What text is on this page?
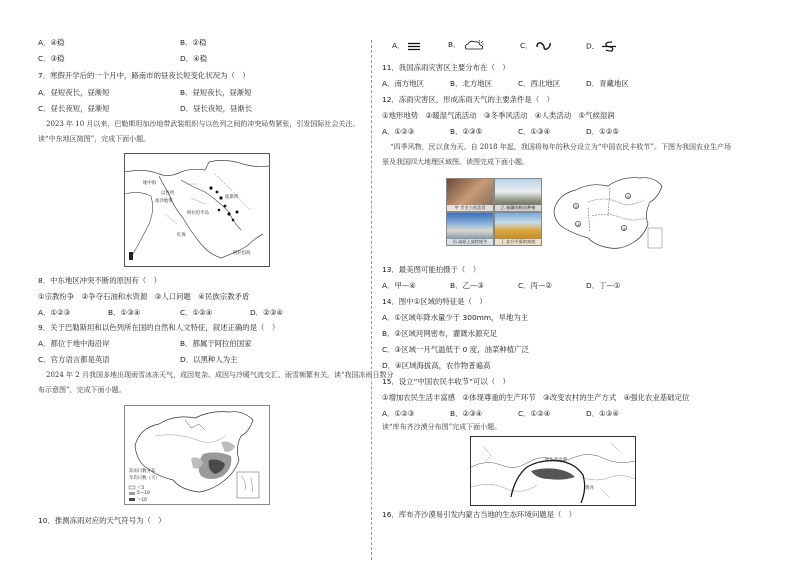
A．④稳	B．②稳
C．③稳	D．④稳
7．寒假开学后的一个月中，路南市的昼夜长短变化状况为（　）
A．昼短夜长，昼渐短	B．昼短夜长，昼渐短
C．昼长夜短，昼渐短	D．昼长夜短，昼渐长
2023 年 10 月以来，巴勒斯坦加沙地带武装组织与以色列之间的冲突局势紧张，引发国际社会关注。
读“中东地区简图”，完成下面小题。
地中海
阿拉伯半岛
波斯湾
加沙地带
以色列
红海
阿拉伯海
8．中东地区冲突不断的原因有（　）
①宗教纷争　②争夺石油和水资源　③人口问题　④民族宗教矛盾
A．①②③	B．①③④	C．①②④	D．②③④
9．关于巴勒斯坦和以色列所在国的自然和人文特征，叙述正确的是（　）
A．都位于地中海沿岸	B．都属于阿拉伯国家
C．官方语言都是英语	D．以黑种人为主
2024 年 2 月我国多地出现雨雪冰冻天气，成因复杂。成因与冷暖气流交汇、雨雪频繁有关。读“我国冻雨日数分
布示意图”，完成下面小题。
冻雨日数分布
年均日数（天）
＜5
5—10
＞10
10．推测冻雨对应的天气符号为（　）
A．	B．	C．	D．
11．我国冻雨灾害区主要分布在（　）
A．南方地区	B．北方地区	C．西北地区	D．青藏地区
12．冻雨灾害区，形成冻雨天气的主要条件是（　）
①地形地势　②暖湿气流活动　③冬季风活动　④人类活动　⑤气候湿润
A．①②③	B．②③⑤	C．①③④	D．①②⑤
“四季风物，民以食为天。自 2018 年起，我国将每年的秋分设立为“中国农民丰收节”。下图为我国农业生产场
景及我国四大地理区域图。读图完成下面小题。
甲 舌尖上的美食	乙 新疆的棉花种植
丙 高原上放牧牦牛	丁 北方平原的麦收
①
②
③
④
13．最美图可能拍摄于（　）
A．甲—④	B．乙—③	C．丙—②	D．丁—①
14．图中①区域的特征是（　）
A．①区域年降水量少于 300mm，旱地为主
B．②区域河网密布，灌溉水源充足
C．③区域一月气温低于 0 度，油菜种植广泛
D．④区域海拔高，农作物普遍高
15．设立“中国农民丰收节”可以（　）
①增加农民生活丰富感　②体现尊重的生产环节　③改变农村的生产方式　④强化农业基础定位
A．①②③	B．②③④	C．①②④	D．①③④
读“库布齐沙漠分布图”完成下面小题。
库布齐沙漠
黄河
16．库布齐沙漠易引发内蒙古当地的生态环境问题是（　）
